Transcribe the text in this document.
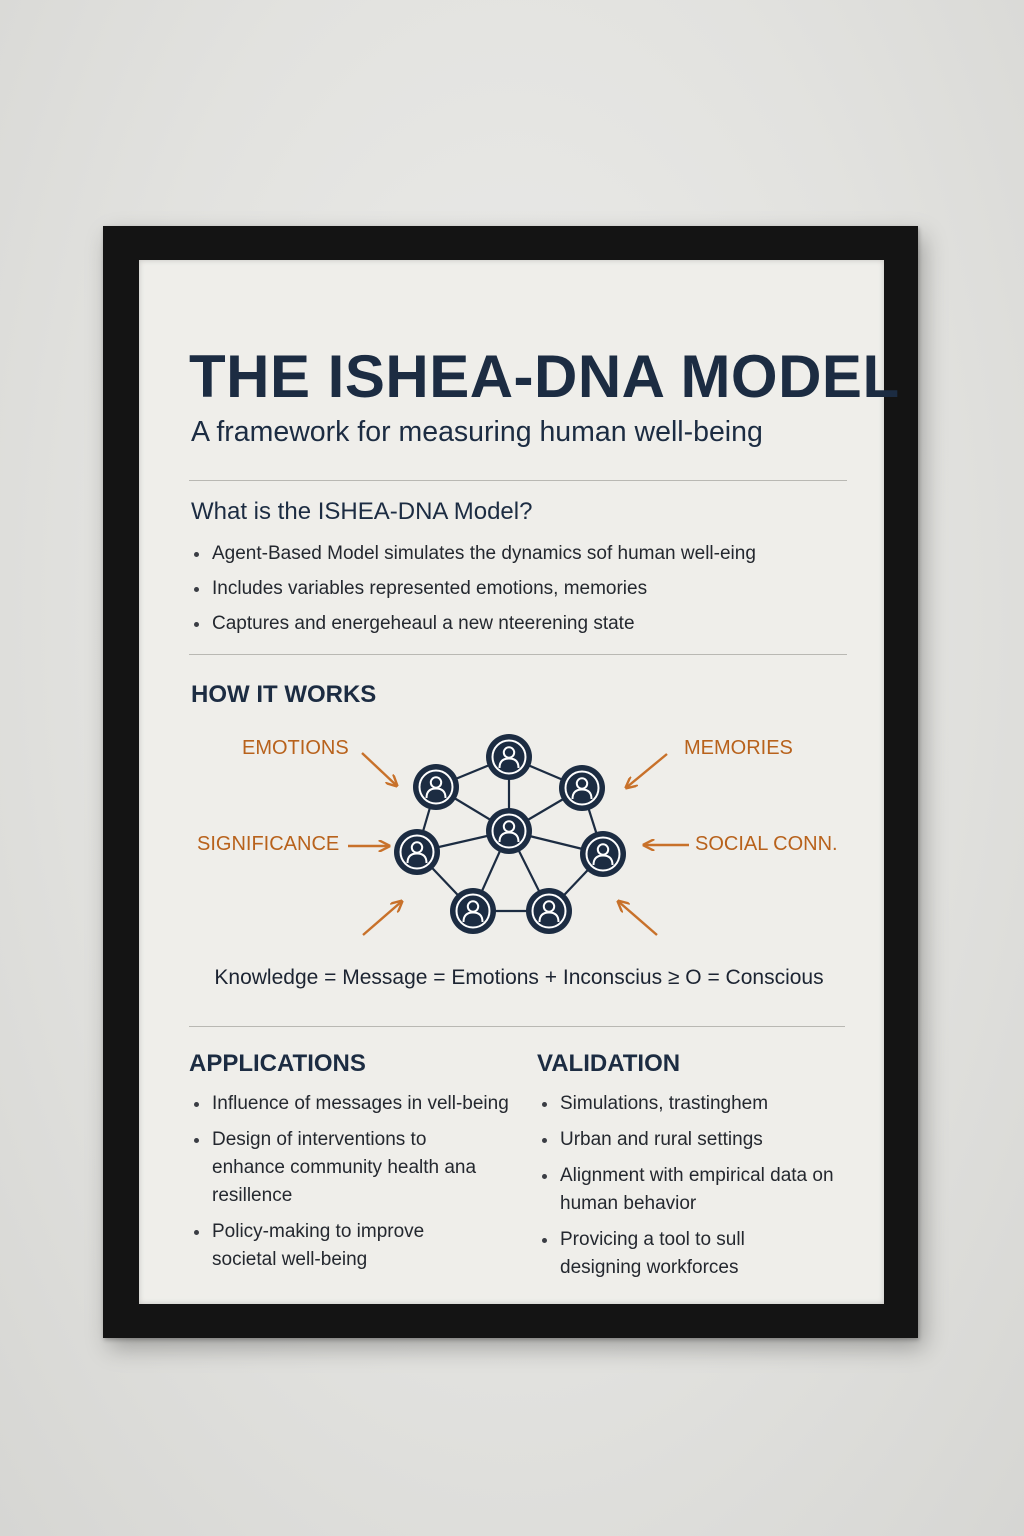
THE ISHEA-DNA MODEL
A framework for measuring human well-being
What is the ISHEA-DNA Model?
Agent-Based Model simulates the dynamics sof human well-eing
Includes variables represented emotions, memories
Captures and energeheaul a new nteerening state
HOW IT WORKS
EMOTIONS	MEMORIES
SIGNIFICANCE	SOCIAL CONN.
Knowledge = Message = Emotions + Inconscius ≥ O = Conscious
APPLICATIONS
Influence of messages in vell-being
Design of interventions to enhance community health ana resillence
Policy-making to improve societal well-being
VALIDATION
Simulations, trastinghem
Urban and rural settings
Alignment with empirical data on human behavior
Provicing a tool to sull designing workforces
